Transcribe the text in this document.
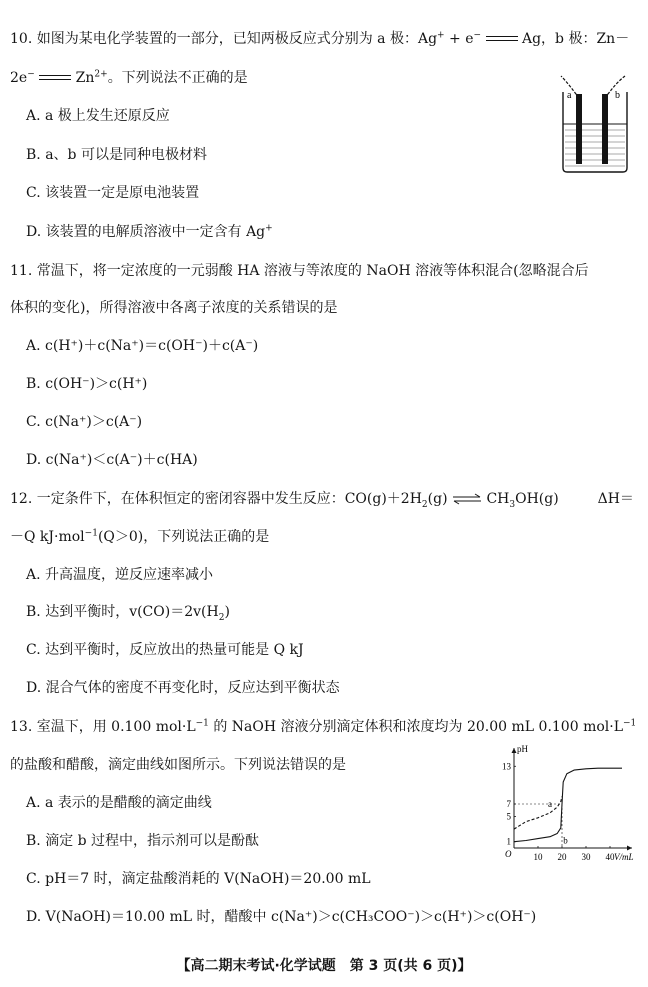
10. 如图为某电化学装置的一部分，已知两极反应式分别为 a 极：Ag+ + e−	Ag，b 极：Zn－
2e−	$Zn^{2+}$。下列说法不正确的是
A. a 极上发生还原反应
B. a、b 可以是同种电极材料
C. 该装置一定是原电池装置
D. 该装置的电解质溶液中一定含有 Ag+
a	b
11. 常温下，将一定浓度的一元弱酸 HA 溶液与等浓度的 NaOH 溶液等体积混合(忽略混合后
体积的变化)，所得溶液中各离子浓度的关系错误的是
A. c(H⁺)＋c(Na⁺)＝c(OH⁻)＋c(A⁻)
B. c(OH⁻)＞c(H⁺)
C. c(Na⁺)＞c(A⁻)
D. c(Na⁺)＜c(A⁻)＋c(HA)
12. 一定条件下，在体积恒定的密闭容器中发生反应：$CO(g)+2H_2(g)$ ⇌ $CH_3OH(g)$	ΔH＝
－Q kJ·mol$^{-1}$(Q＞0)，下列说法正确的是
A. 升高温度，逆反应速率减小
B. 达到平衡时，$v(CO)=2v(H_2)$
C. 达到平衡时，反应放出的热量可能是 Q kJ
D. 混合气体的密度不再变化时，反应达到平衡状态
13. 室温下，用 0.100 $mol\cdot L^{-1}$ 的 NaOH 溶液分别滴定体积和浓度均为 20.00 mL 0.100 $mol\cdot L^{-1}$
的盐酸和醋酸，滴定曲线如图所示。下列说法错误的是
A. a 表示的是醋酸的滴定曲线
B. 滴定 b 过程中，指示剂可以是酚酞
C. pH＝7 时，滴定盐酸消耗的 V(NaOH)＝20.00 mL
D. V(NaOH)＝10.00 mL 时，醋酸中 c(Na⁺)＞c(CH₃COO⁻)＞c(H⁺)＞c(OH⁻)
pH
V/mL
O 10 20 30 40
1
5
7
13
a
b
【高二期末考试·化学试题　第 3 页(共 6 页)】
